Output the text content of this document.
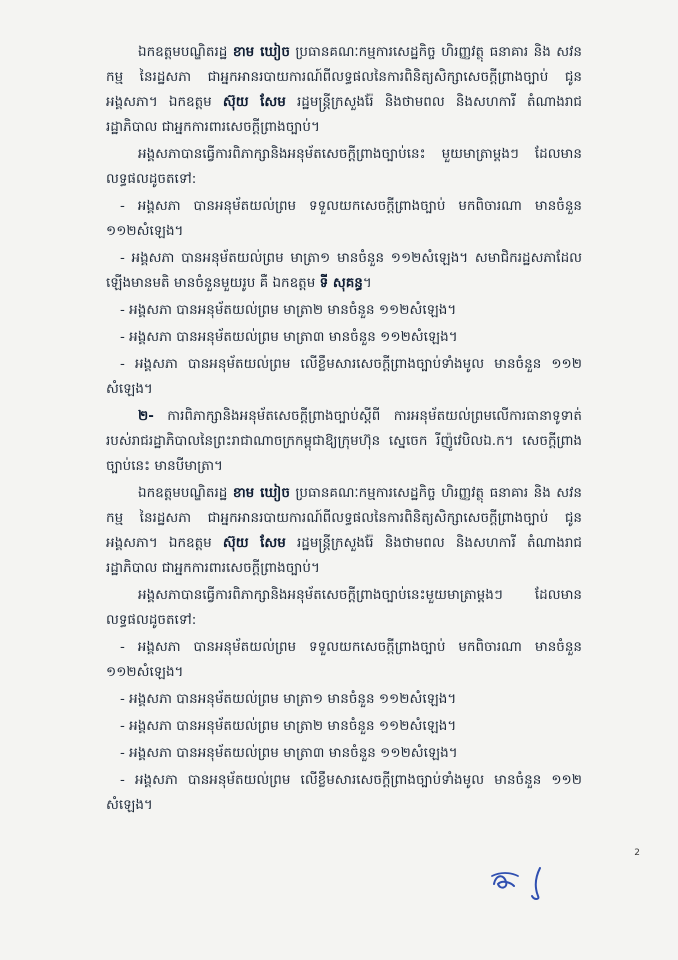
ឯកឧត្តមបណ្ឌិតរដ្ឋ ខាម ឃៀច ប្រធានគណៈកម្មការសេដ្ឋកិច្ច ហិរញ្ញវត្ថុ ធនាគារ និង សវនកម្ម នៃរដ្ឋសភា ជាអ្នកអានរបាយការណ៍ពីលទ្ធផលនៃការពិនិត្យសិក្សាសេចក្ដីព្រាងច្បាប់ ជូនអង្គសភា។ ឯកឧត្តម ស៊ុយ សែម រដ្ឋមន្ត្រីក្រសួងរ៉ែ និងថាមពល និងសហការី តំណាងរាជរដ្ឋាភិបាល ជាអ្នកការពារសេចក្ដីព្រាងច្បាប់។

អង្គសភាបានធ្វើការពិភាក្សានិងអនុម័តសេចក្ដីព្រាងច្បាប់នេះ មួយមាត្រាម្ដងៗ ដែលមានលទ្ធផលដូចតទៅ:

- អង្គសភា បានអនុម័តយល់ព្រម ទទួលយកសេចក្ដីព្រាងច្បាប់ មកពិចារណា មានចំនួន ១១២សំឡេង។

- អង្គសភា បានអនុម័តយល់ព្រម មាត្រា១ មានចំនួន ១១២សំឡេង។ សមាជិករដ្ឋសភាដែលឡើងមានមតិ មានចំនួនមួយរូប គឺ ឯកឧត្តម ទី សុគន្ធ។

- អង្គសភា បានអនុម័តយល់ព្រម មាត្រា២ មានចំនួន ១១២សំឡេង។

- អង្គសភា បានអនុម័តយល់ព្រម មាត្រា៣ មានចំនួន ១១២សំឡេង។

- អង្គសភា បានអនុម័តយល់ព្រម លើខ្លឹមសារសេចក្ដីព្រាងច្បាប់ទាំងមូល មានចំនួន ១១២ សំឡេង។

២- ការពិភាក្សានិងអនុម័តសេចក្ដីព្រាងច្បាប់ស្ដីពី ការអនុម័តយល់ព្រមលើការធានាទូទាត់របស់រាជរដ្ឋាភិបាលនៃព្រះរាជាណាចក្រកម្ពុជាឱ្យក្រុមហ៊ុន ស្នេចេក រីញ៉ូវេបិលឯ.ក។ សេចក្ដីព្រាងច្បាប់នេះ មានបីមាត្រា។

ឯកឧត្តមបណ្ឌិតរដ្ឋ ខាម ឃៀច ប្រធានគណៈកម្មការសេដ្ឋកិច្ច ហិរញ្ញវត្ថុ ធនាគារ និង សវនកម្ម នៃរដ្ឋសភា ជាអ្នកអានរបាយការណ៍ពីលទ្ធផលនៃការពិនិត្យសិក្សាសេចក្ដីព្រាងច្បាប់ ជូនអង្គសភា។ ឯកឧត្តម ស៊ុយ សែម រដ្ឋមន្ត្រីក្រសួងរ៉ែ និងថាមពល និងសហការី តំណាងរាជរដ្ឋាភិបាល ជាអ្នកការពារសេចក្ដីព្រាងច្បាប់។

អង្គសភាបានធ្វើការពិភាក្សានិងអនុម័តសេចក្ដីព្រាងច្បាប់នេះមួយមាត្រាម្ដងៗ ដែលមានលទ្ធផលដូចតទៅ:

- អង្គសភា បានអនុម័តយល់ព្រម ទទួលយកសេចក្ដីព្រាងច្បាប់ មកពិចារណា មានចំនួន ១១២សំឡេង។

- អង្គសភា បានអនុម័តយល់ព្រម មាត្រា១ មានចំនួន ១១២សំឡេង។

- អង្គសភា បានអនុម័តយល់ព្រម មាត្រា២ មានចំនួន ១១២សំឡេង។

- អង្គសភា បានអនុម័តយល់ព្រម មាត្រា៣ មានចំនួន ១១២សំឡេង។

- អង្គសភា បានអនុម័តយល់ព្រម លើខ្លឹមសារសេចក្ដីព្រាងច្បាប់ទាំងមូល មានចំនួន ១១២ សំឡេង។

2
